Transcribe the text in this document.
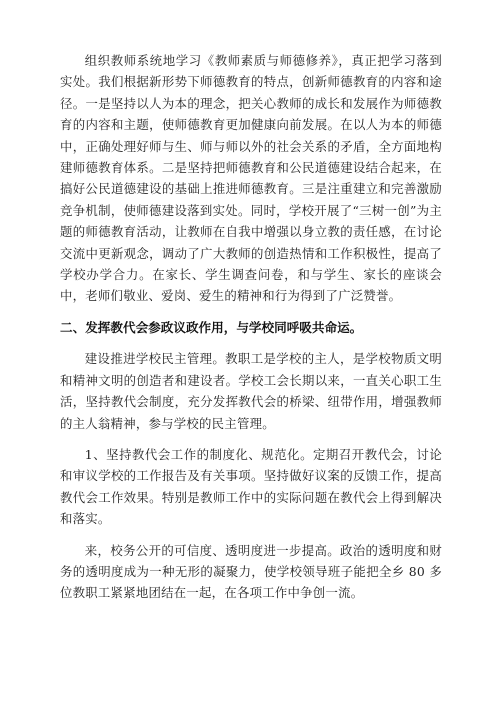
组织教师系统地学习《教师素质与师德修养》，真正把学习落到实处。我们根据新形势下师德教育的特点，创新师德教育的内容和途径。一是坚持以人为本的理念，把关心教师的成长和发展作为师德教育的内容和主题，使师德教育更加健康向前发展。在以人为本的师德中，正确处理好师与生、师与师以外的社会关系的矛盾，全方面地构建师德教育体系。二是坚持把师德教育和公民道德建设结合起来，在搞好公民道德建设的基础上推进师德教育。三是注重建立和完善激励竞争机制，使师德建设落到实处。同时，学校开展了“三树一创”为主题的师德教育活动，让教师在自我中增强以身立教的责任感，在讨论交流中更新观念，调动了广大教师的创造热情和工作积极性，提高了学校办学合力。在家长、学生调查问卷，和与学生、家长的座谈会中，老师们敬业、爱岗、爱生的精神和行为得到了广泛赞誉。

二、发挥教代会参政议政作用，与学校同呼吸共命运。

建设推进学校民主管理。教职工是学校的主人，是学校物质文明和精神文明的创造者和建设者。学校工会长期以来，一直关心职工生活，坚持教代会制度，充分发挥教代会的桥梁、纽带作用，增强教师的主人翁精神，参与学校的民主管理。

1、坚持教代会工作的制度化、规范化。定期召开教代会，讨论和审议学校的工作报告及有关事项。坚持做好议案的反馈工作，提高教代会工作效果。特别是教师工作中的实际问题在教代会上得到解决和落实。

来，校务公开的可信度、透明度进一步提高。政治的透明度和财务的透明度成为一种无形的凝聚力，使学校领导班子能把全乡 80 多位教职工紧紧地团结在一起，在各项工作中争创一流。
